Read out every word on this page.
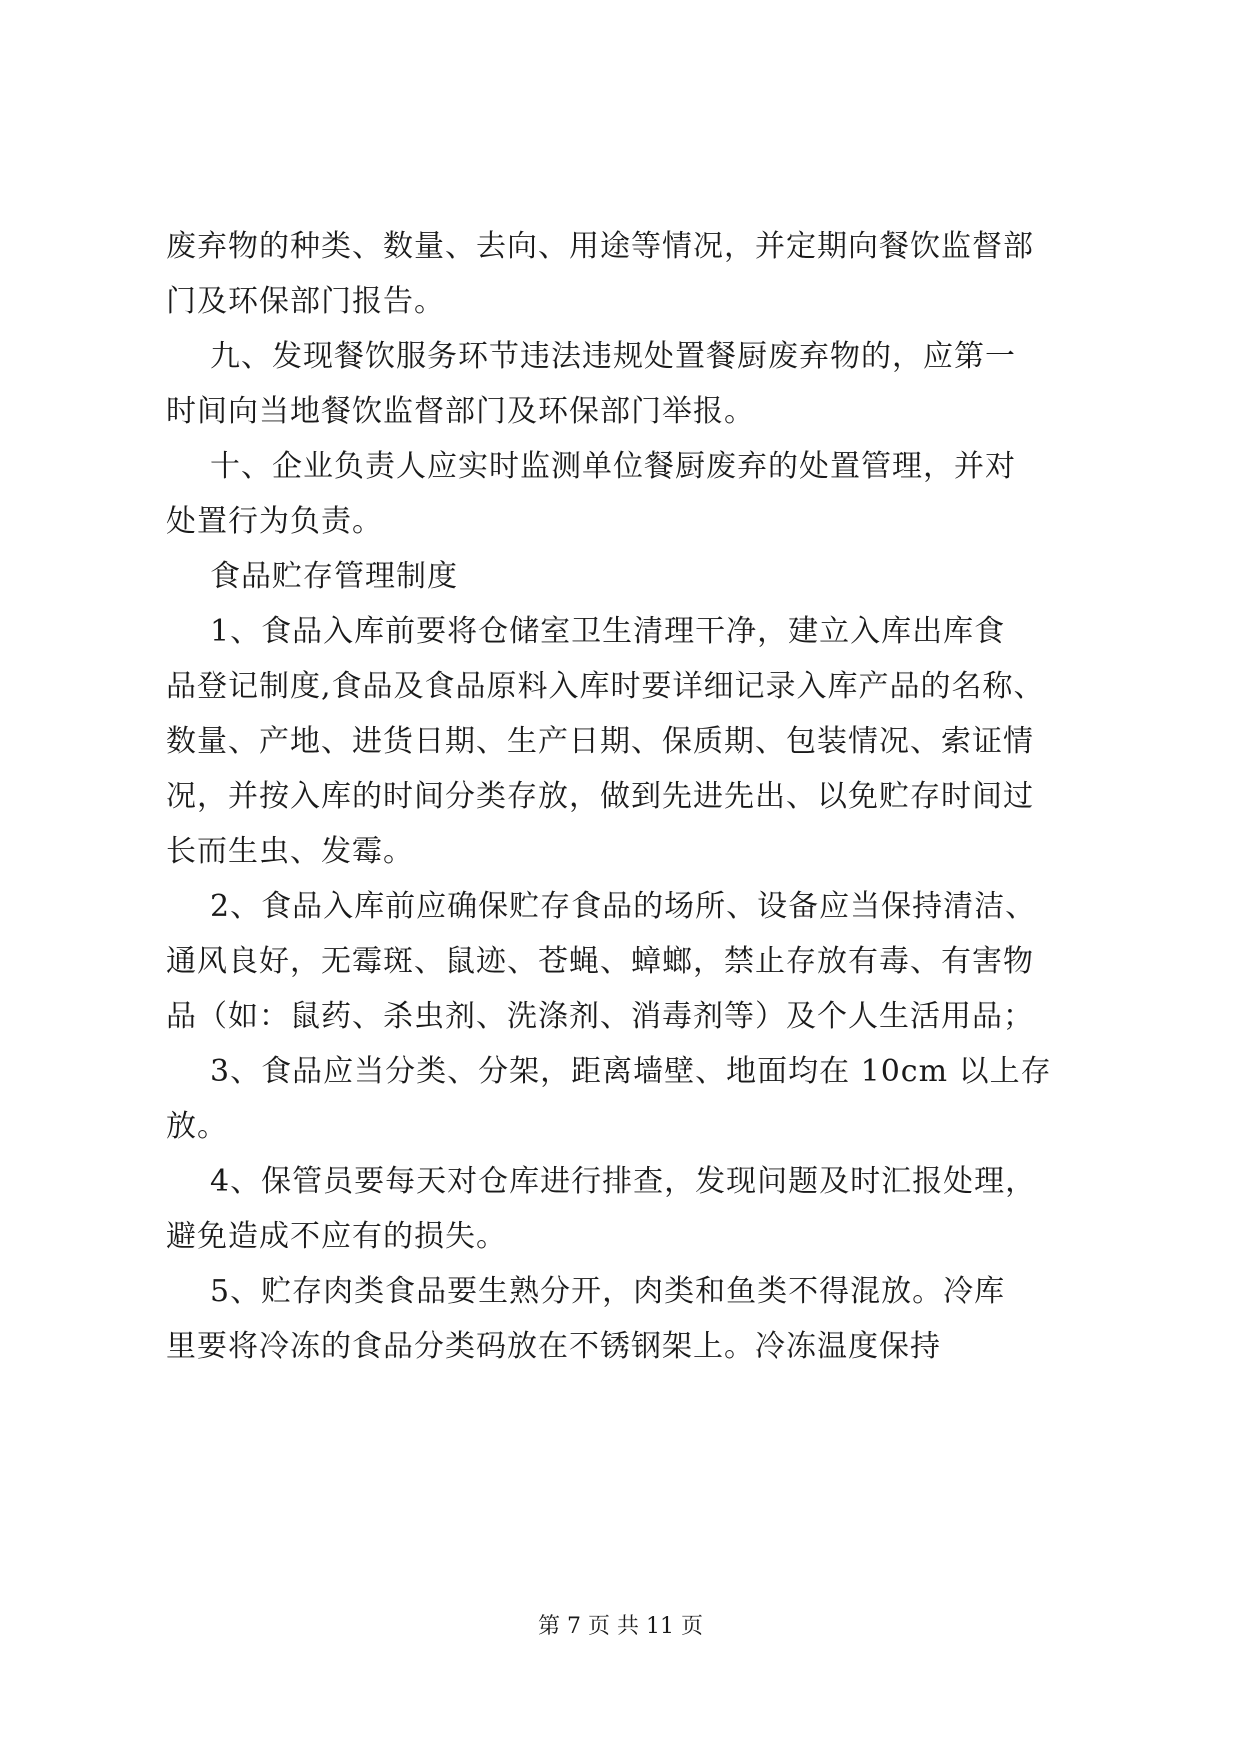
废弃物的种类、数量、去向、用途等情况，并定期向餐饮监督部
门及环保部门报告。
九、发现餐饮服务环节违法违规处置餐厨废弃物的，应第一
时间向当地餐饮监督部门及环保部门举报。
十、企业负责人应实时监测单位餐厨废弃的处置管理，并对
处置行为负责。
食品贮存管理制度
1、食品入库前要将仓储室卫生清理干净，建立入库出库食
品登记制度,食品及食品原料入库时要详细记录入库产品的名称、
数量、产地、进货日期、生产日期、保质期、包装情况、索证情
况，并按入库的时间分类存放，做到先进先出、以免贮存时间过
长而生虫、发霉。
2、食品入库前应确保贮存食品的场所、设备应当保持清洁、
通风良好，无霉斑、鼠迹、苍蝇、蟑螂，禁止存放有毒、有害物
品（如：鼠药、杀虫剂、洗涤剂、消毒剂等）及个人生活用品；
3、食品应当分类、分架，距离墙壁、地面均在 10cm 以上存
放。
4、保管员要每天对仓库进行排查，发现问题及时汇报处理，
避免造成不应有的损失。
5、贮存肉类食品要生熟分开，肉类和鱼类不得混放。冷库
里要将冷冻的食品分类码放在不锈钢架上。冷冻温度保持
第 7 页 共 11 页
